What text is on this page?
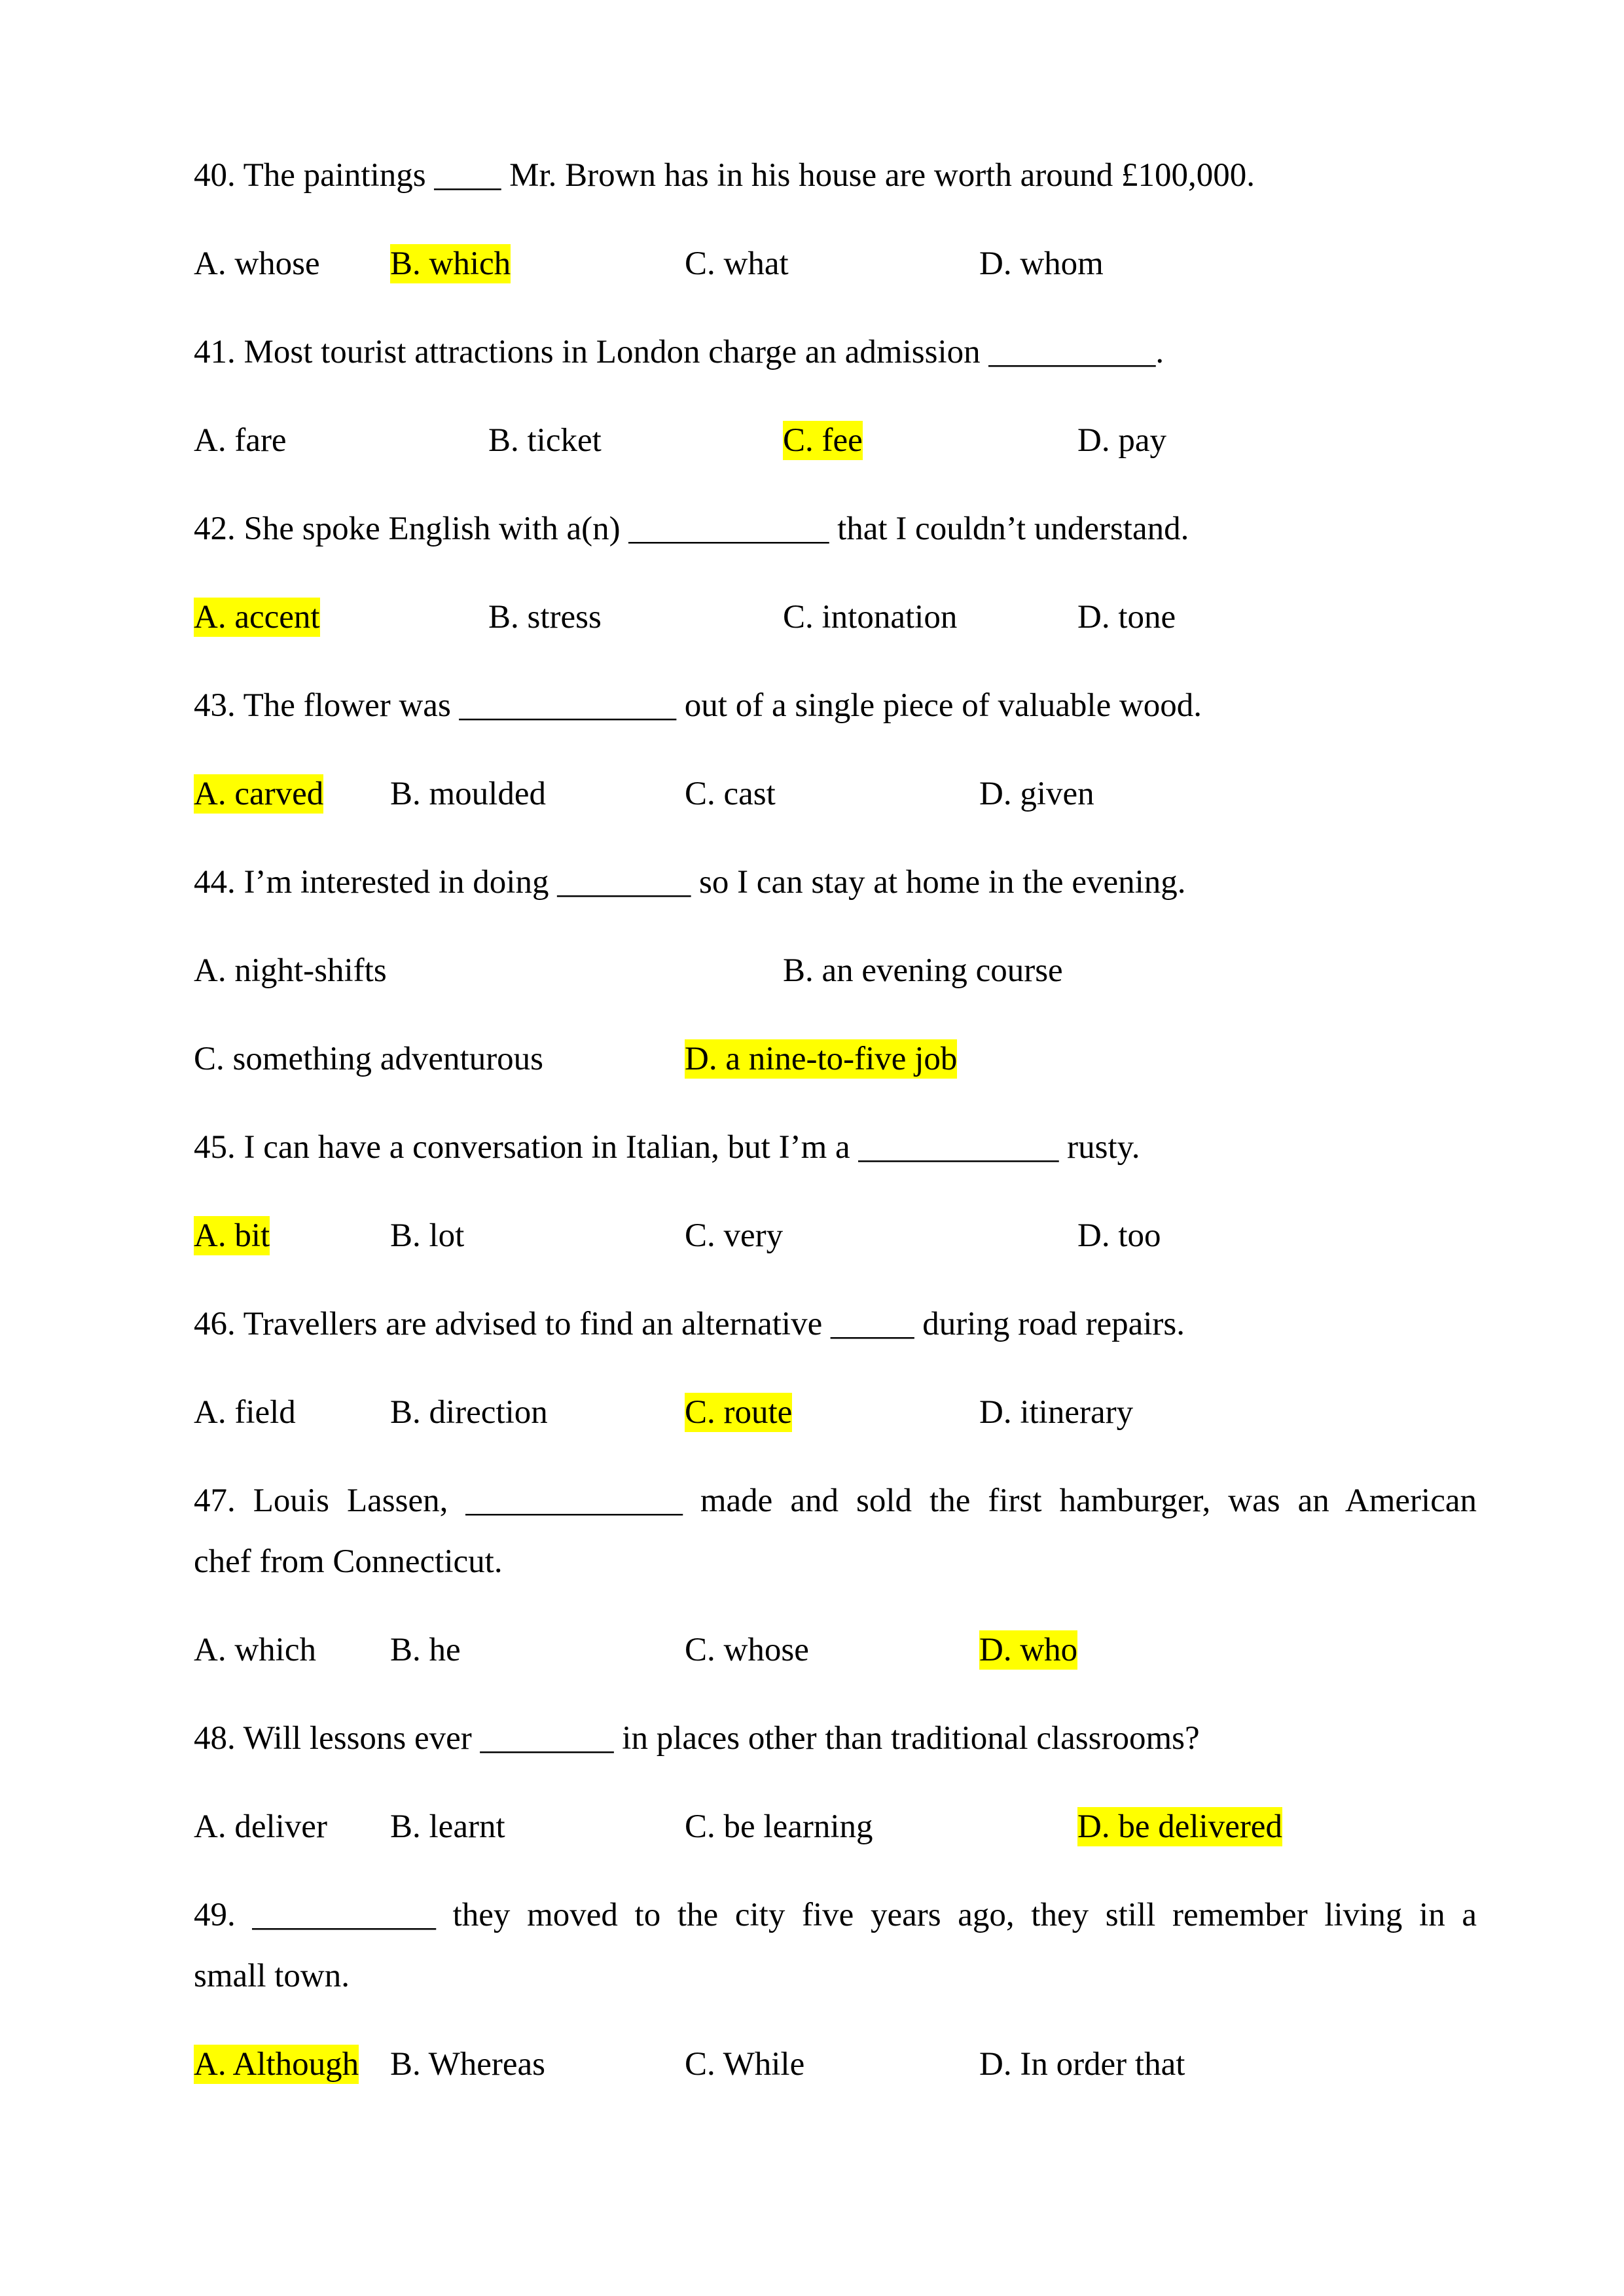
40. The paintings ____ Mr. Brown has in his house are worth around £100,000.
A. whose B. which	C. what	D. whom
41. Most tourist attractions in London charge an admission __________.
A. fare	B. ticket	C. fee	D. pay
42. She spoke English with a(n) ____________ that I couldn’t understand.
A. accent	B. stress	C. intonation	D. tone
43. The flower was _____________ out of a single piece of valuable wood.
A. carved B. moulded	C. cast	D. given
44. I’m interested in doing ________ so I can stay at home in the evening.
A. night-shifts	B. an evening course
C. something adventurous	D. a nine-to-five job
45. I can have a conversation in Italian, but I’m a ____________ rusty.
A. bit	B. lot	C. very	D. too
46. Travellers are advised to find an alternative _____ during road repairs.
A. field	B. direction	C. route	D. itinerary
47. Louis Lassen, _____________ made and sold the first hamburger, was an American
chef from Connecticut.
A. which B. he	C. whose	D. who
48. Will lessons ever ________ in places other than traditional classrooms?
A. deliver B. learnt	C. be learning	D. be delivered
49. ___________ they moved to the city five years ago, they still remember living in a
small town.
A. Although B. Whereas	C. While	D. In order that
